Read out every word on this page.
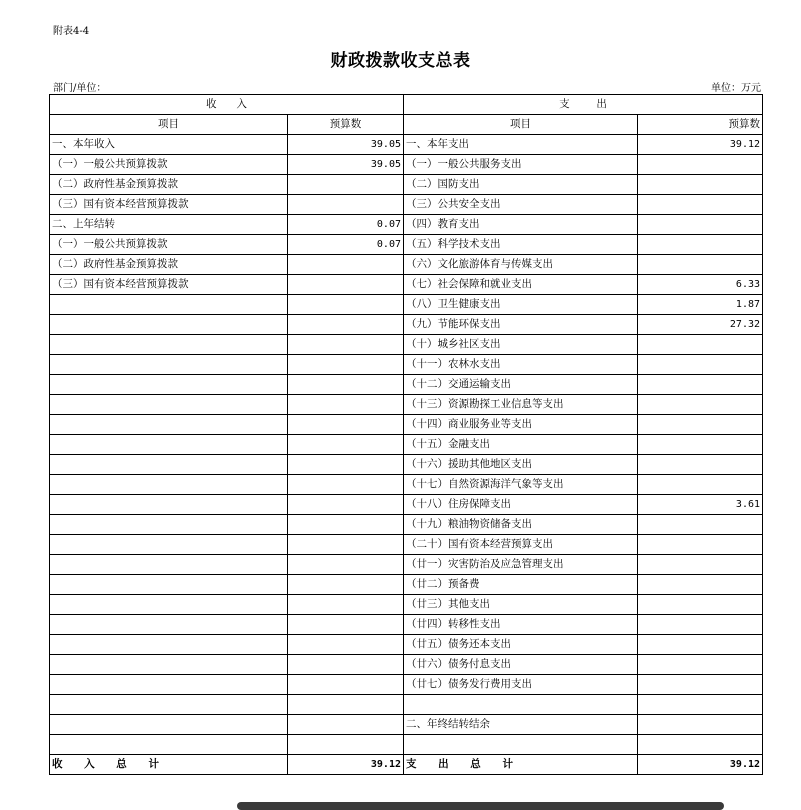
附表4-4
财政拨款收支总表
部门/单位：	单位：万元
收      入		支        出	
项目	预算数	项目	预算数
一、本年收入	39.05	一、本年支出	39.12
（一）一般公共预算拨款	39.05	（一）一般公共服务支出	
（二）政府性基金预算拨款		（二）国防支出	
（三）国有资本经营预算拨款		（三）公共安全支出	
二、上年结转	0.07	（四）教育支出	
（一）一般公共预算拨款	0.07	（五）科学技术支出	
（二）政府性基金预算拨款		（六）文化旅游体育与传媒支出	
（三）国有资本经营预算拨款		（七）社会保障和就业支出	6.33
		（八）卫生健康支出	1.87
		（九）节能环保支出	27.32
		（十）城乡社区支出	
		（十一）农林水支出	
		（十二）交通运输支出	
		（十三）资源勘探工业信息等支出	
		（十四）商业服务业等支出	
		（十五）金融支出	
		（十六）援助其他地区支出	
		（十七）自然资源海洋气象等支出	
		（十八）住房保障支出	3.61
		（十九）粮油物资储备支出	
		（二十）国有资本经营预算支出	
		（廿一）灾害防治及应急管理支出	
		（廿二）预备费	
		（廿三）其他支出	
		（廿四）转移性支出	
		（廿五）债务还本支出	
		（廿六）债务付息支出	
		（廿七）债务发行费用支出	

		二、年终结转结余	

收 入 总 计	39.12	支 出 总 计	39.12
